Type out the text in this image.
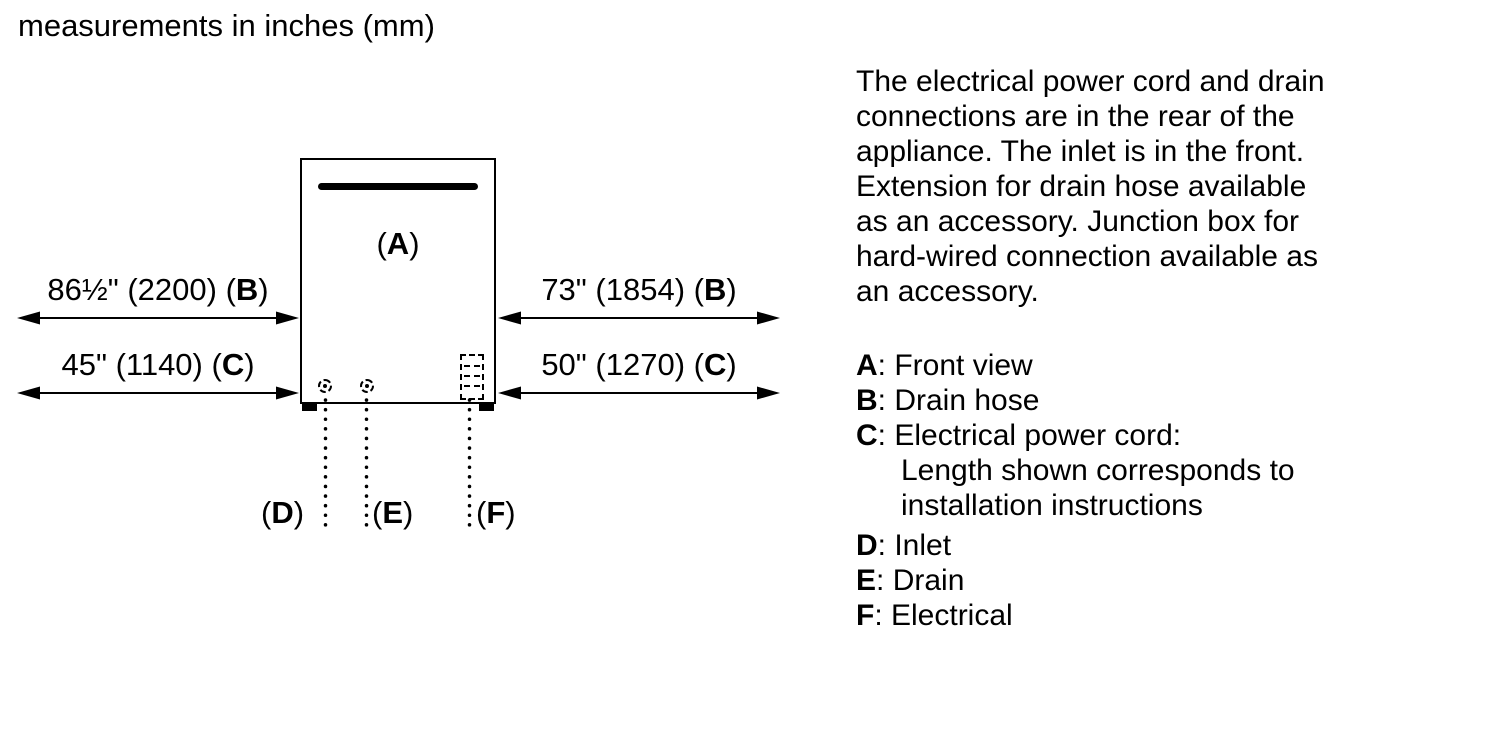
measurements in inches (mm)
(A)
86½" (2200) (B)
45" (1140) (C)
73" (1854) (B)
50" (1270) (C)
(D) (E) (F)
The electrical power cord and drain
connections are in the rear of the
appliance. The inlet is in the front.
Extension for drain hose available
as an accessory. Junction box for
hard-wired connection available as
an accessory.
A: Front view
B: Drain hose
C: Electrical power cord:
Length shown corresponds to
installation instructions
D: Inlet
E: Drain
F: Electrical
